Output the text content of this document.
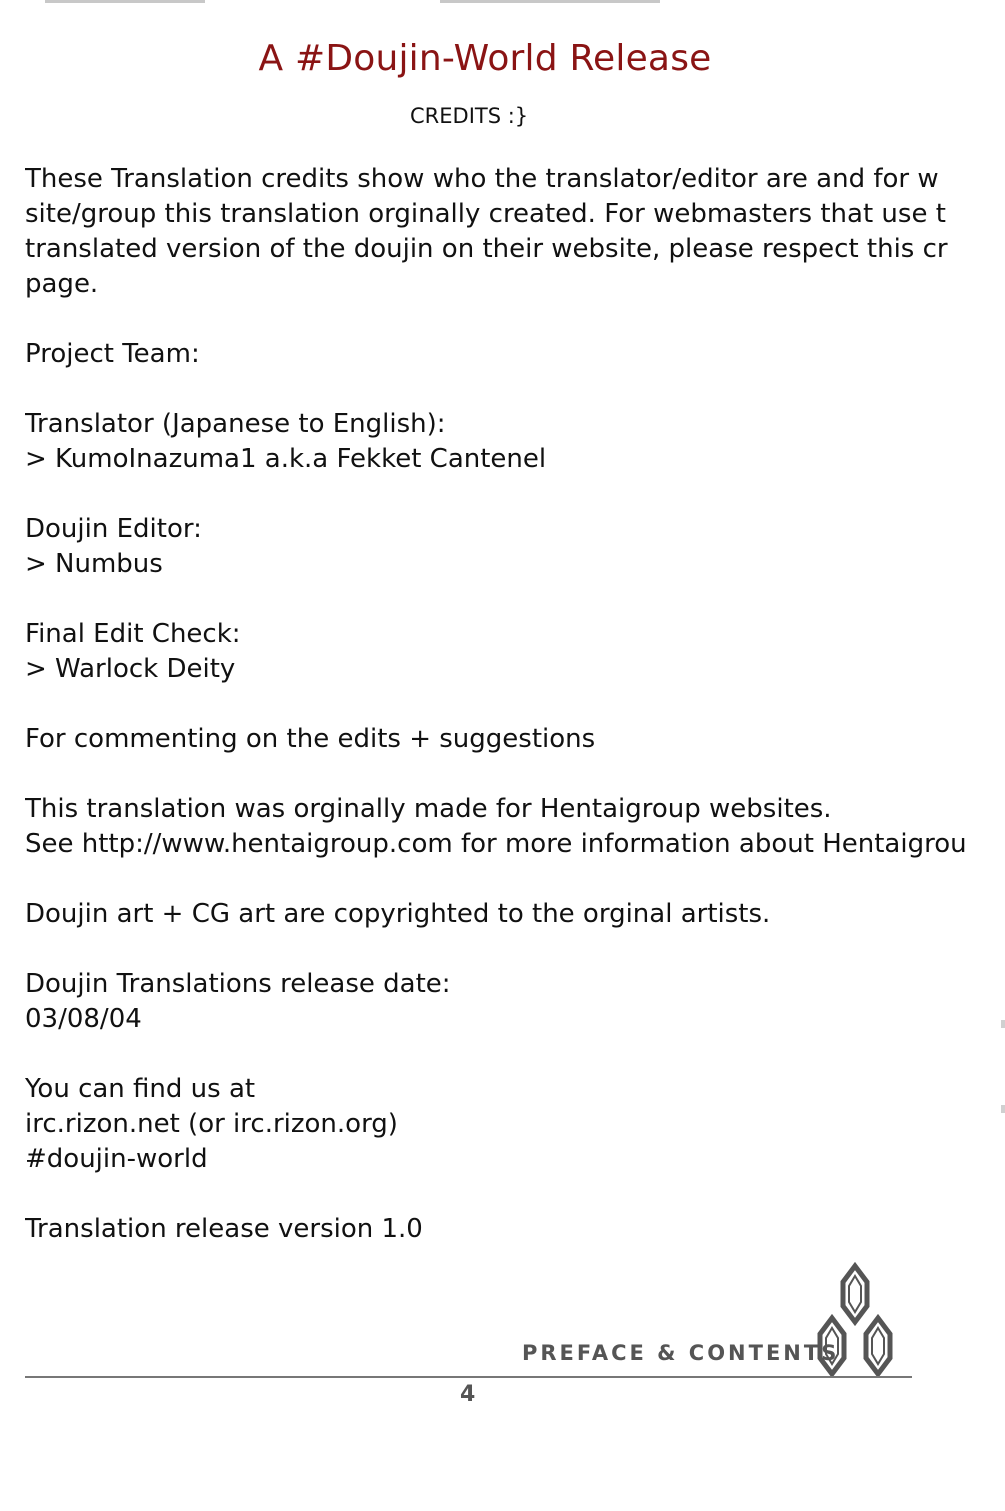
A #Doujin-World Release
CREDITS :}
These Translation credits show who the translator/editor are and for w
site/group this translation orginally created. For webmasters that use t
translated version of the doujin on their website, please respect this cr
page.
Project Team:
Translator (Japanese to English):
> KumoInazuma1 a.k.a Fekket Cantenel
Doujin Editor:
> Numbus
Final Edit Check:
> Warlock Deity
For commenting on the edits + suggestions
This translation was orginally made for Hentaigroup websites.
See http://www.hentaigroup.com for more information about Hentaigrou
Doujin art + CG art are copyrighted to the orginal artists.
Doujin Translations release date:
03/08/04
You can find us at
irc.rizon.net (or irc.rizon.org)
#doujin-world
Translation release version 1.0
PREFACE & CONTENTS
4
